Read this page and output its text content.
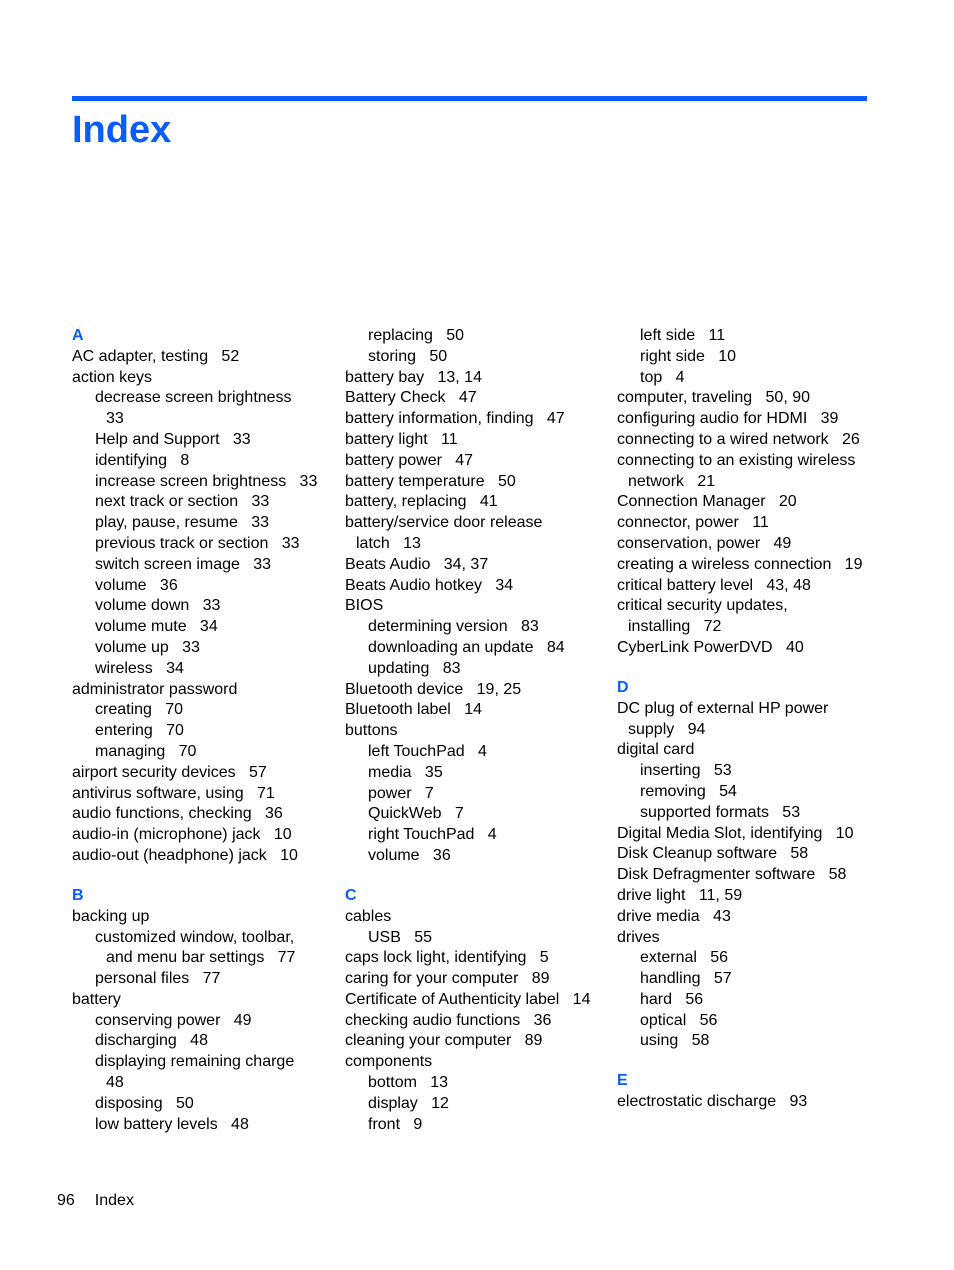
Index
A
AC adapter, testing   52
action keys
decrease screen brightness
33
Help and Support   33
identifying   8
increase screen brightness   33
next track or section   33
play, pause, resume   33
previous track or section   33
switch screen image   33
volume   36
volume down   33
volume mute   34
volume up   33
wireless   34
administrator password
creating   70
entering   70
managing   70
airport security devices   57
antivirus software, using   71
audio functions, checking   36
audio-in (microphone) jack   10
audio-out (headphone) jack   10
B
backing up
customized window, toolbar,
and menu bar settings   77
personal files   77
battery
conserving power   49
discharging   48
displaying remaining charge
48
disposing   50
low battery levels   48
replacing   50
storing   50
battery bay   13, 14
Battery Check   47
battery information, finding   47
battery light   11
battery power   47
battery temperature   50
battery, replacing   41
battery/service door release
latch   13
Beats Audio   34, 37
Beats Audio hotkey   34
BIOS
determining version   83
downloading an update   84
updating   83
Bluetooth device   19, 25
Bluetooth label   14
buttons
left TouchPad   4
media   35
power   7
QuickWeb   7
right TouchPad   4
volume   36
C
cables
USB   55
caps lock light, identifying   5
caring for your computer   89
Certificate of Authenticity label   14
checking audio functions   36
cleaning your computer   89
components
bottom   13
display   12
front   9
left side   11
right side   10
top   4
computer, traveling   50, 90
configuring audio for HDMI   39
connecting to a wired network   26
connecting to an existing wireless
network   21
Connection Manager   20
connector, power   11
conservation, power   49
creating a wireless connection   19
critical battery level   43, 48
critical security updates,
installing   72
CyberLink PowerDVD   40
D
DC plug of external HP power
supply   94
digital card
inserting   53
removing   54
supported formats   53
Digital Media Slot, identifying   10
Disk Cleanup software   58
Disk Defragmenter software   58
drive light   11, 59
drive media   43
drives
external   56
handling   57
hard   56
optical   56
using   58
E
electrostatic discharge   93
96 Index
